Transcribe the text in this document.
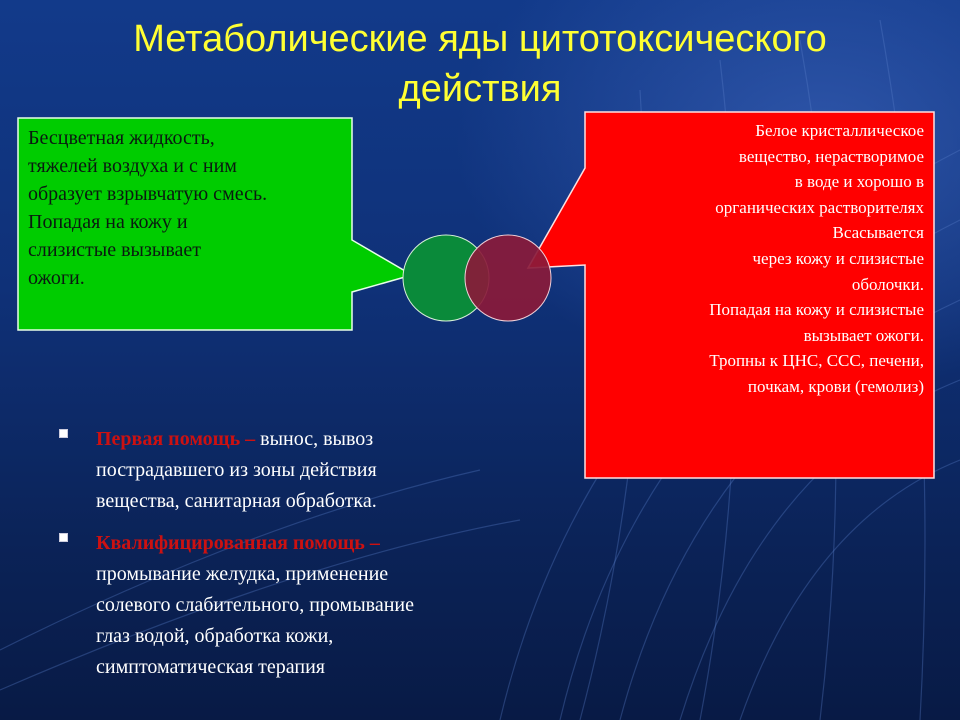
Метаболические яды цитотоксического
действия
Бесцветная жидкость,
тяжелей воздуха и с ним
образует взрывчатую смесь.
Попадая на кожу и
слизистые вызывает
ожоги.
Белое кристаллическое
вещество, нерастворимое
в воде и хорошо в
органических растворителях
Всасывается
через кожу и слизистые
оболочки.
Попадая на кожу и слизистые
вызывает ожоги.
Тропны к ЦНС, ССС, печени,
почкам, крови (гемолиз)
Первая помощь – вынос, вывоз
пострадавшего из зоны действия
вещества, санитарная обработка.
Квалифицированная помощь –
промывание желудка, применение
солевого слабительного, промывание
глаз водой, обработка кожи,
симптоматическая терапия
